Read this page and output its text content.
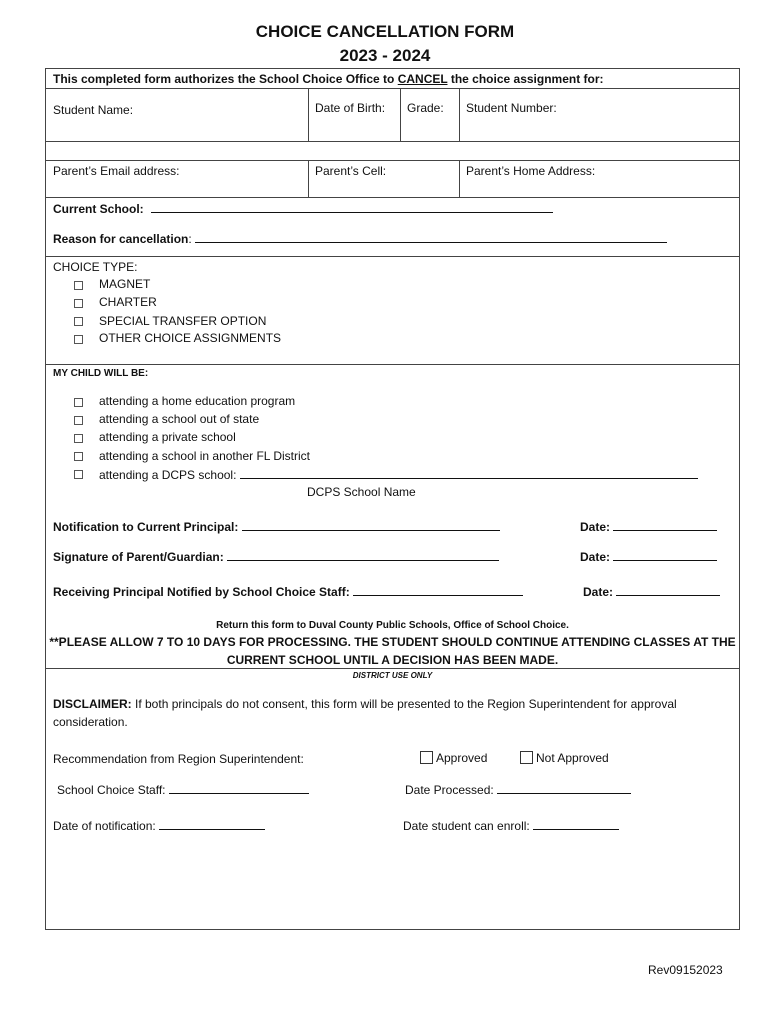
CHOICE CANCELLATION FORM
2023 - 2024
This completed form authorizes the School Choice Office to CANCEL the choice assignment for:
Student Name:	Date of Birth: Grade: Student Number:
Parent’s Email address:	Parent’s Cell:	Parent’s Home Address:
Current School:
Reason for cancellation:
CHOICE TYPE:
MAGNET
CHARTER
SPECIAL TRANSFER OPTION
OTHER CHOICE ASSIGNMENTS
MY CHILD WILL BE:
attending a home education program
attending a school out of state
attending a private school
attending a school in another FL District
attending a DCPS school:
DCPS School Name
Notification to Current Principal:	Date:
Signature of Parent/Guardian:	Date:
Receiving Principal Notified by School Choice Staff:	Date:
Return this form to Duval County Public Schools, Office of School Choice.
**PLEASE ALLOW 7 TO 10 DAYS FOR PROCESSING. THE STUDENT SHOULD CONTINUE ATTENDING CLASSES AT THE
CURRENT SCHOOL UNTIL A DECISION HAS BEEN MADE.
DISTRICT USE ONLY
DISCLAIMER: If both principals do not consent, this form will be presented to the Region Superintendent for approval
consideration.
Recommendation from Region Superintendent:	Approved	Not Approved
School Choice Staff:	Date Processed:
Date of notification:	Date student can enroll:
Rev09152023
